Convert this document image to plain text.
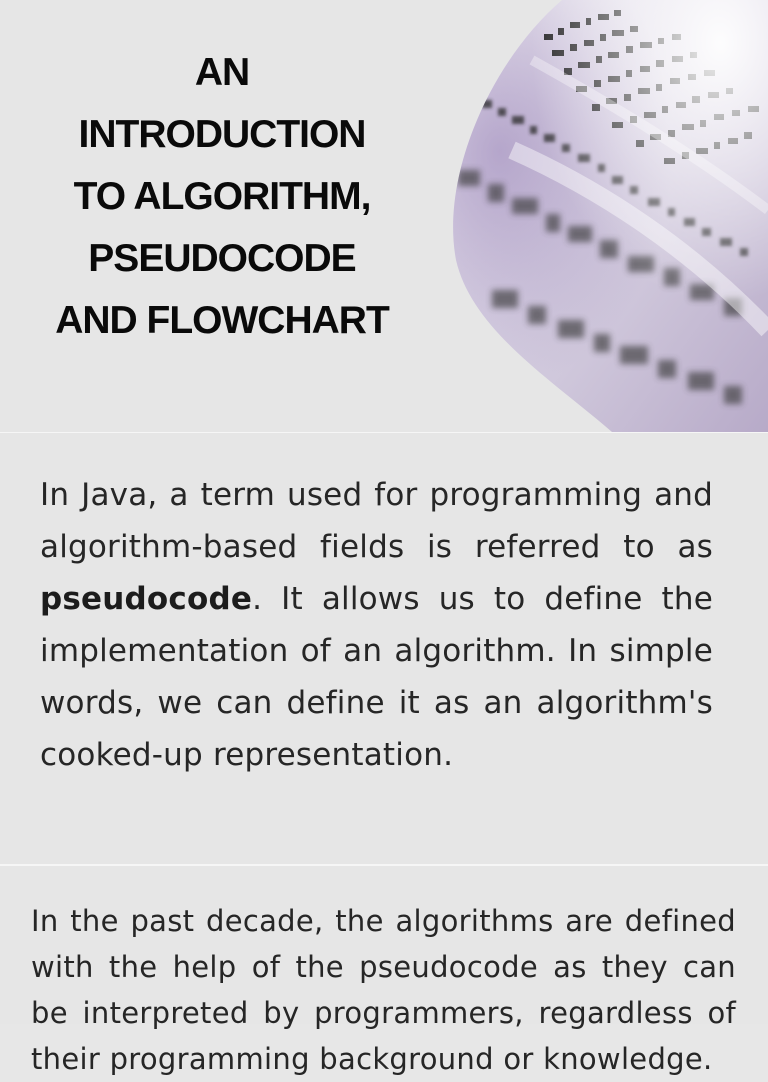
AN
INTRODUCTION
TO ALGORITHM,
PSEUDOCODE
AND FLOWCHART

In Java, a term used for programming and algorithm-based fields is referred to as pseudocode. It allows us to define the implementation of an algorithm. In simple words, we can define it as an algorithm's cooked-up representation.

In the past decade, the algorithms are defined with the help of the pseudocode as they can be interpreted by programmers, regardless of their programming background or knowledge.
